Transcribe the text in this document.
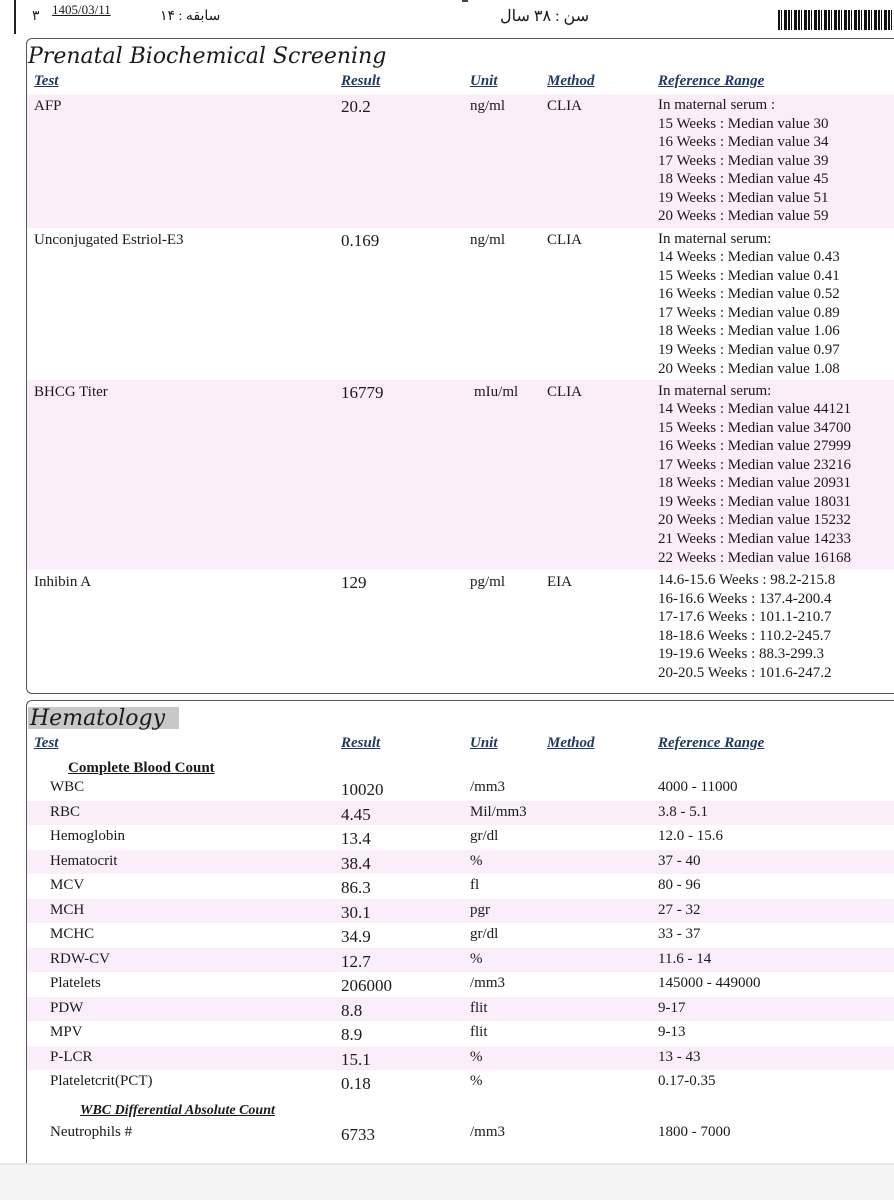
۳ 1405/03/11	سابقه : ۱۴	سن : ۳۸ سال
Prenatal Biochemical Screening
Test	Result	Unit	Method	Reference Range
AFP	20.2	ng/ml	CLIA	In maternal serum :
15 Weeks : Median value 30
16 Weeks : Median value 34
17 Weeks : Median value 39
18 Weeks : Median value 45
19 Weeks : Median value 51
20 Weeks : Median value 59
Unconjugated Estriol-E3	0.169	ng/ml	CLIA	In maternal serum:
14 Weeks : Median value 0.43
15 Weeks : Median value 0.41
16 Weeks : Median value 0.52
17 Weeks : Median value 0.89
18 Weeks : Median value 1.06
19 Weeks : Median value 0.97
20 Weeks : Median value 1.08
BHCG Titer	16779	mIu/ml CLIA	In maternal serum:
14 Weeks : Median value 44121
15 Weeks : Median value 34700
16 Weeks : Median value 27999
17 Weeks : Median value 23216
18 Weeks : Median value 20931
19 Weeks : Median value 18031
20 Weeks : Median value 15232
21 Weeks : Median value 14233
22 Weeks : Median value 16168
Inhibin A	129	pg/ml	EIA	14.6-15.6 Weeks : 98.2-215.8
16-16.6 Weeks : 137.4-200.4
17-17.6 Weeks : 101.1-210.7
18-18.6 Weeks : 110.2-245.7
19-19.6 Weeks : 88.3-299.3
20-20.5 Weeks : 101.6-247.2
Hematology
Test	Result	Unit	Method	Reference Range
Complete Blood Count
WBC	10020	/mm3	4000 - 11000
RBC	4.45	Mil/mm3	3.8 - 5.1
Hemoglobin	13.4	gr/dl	12.0 - 15.6
Hematocrit	38.4	%	37 - 40
MCV	86.3	fl	80 - 96
MCH	30.1	pgr	27 - 32
MCHC	34.9	gr/dl	33 - 37
RDW-CV	12.7	%	11.6 - 14
Platelets	206000	/mm3	145000 - 449000
PDW	8.8	flit	9-17
MPV	8.9	flit	9-13
P-LCR	15.1	%	13 - 43
Plateletcrit(PCT)	0.18	%	0.17-0.35
WBC Differential Absolute Count
Neutrophils #	6733	/mm3	1800 - 7000
